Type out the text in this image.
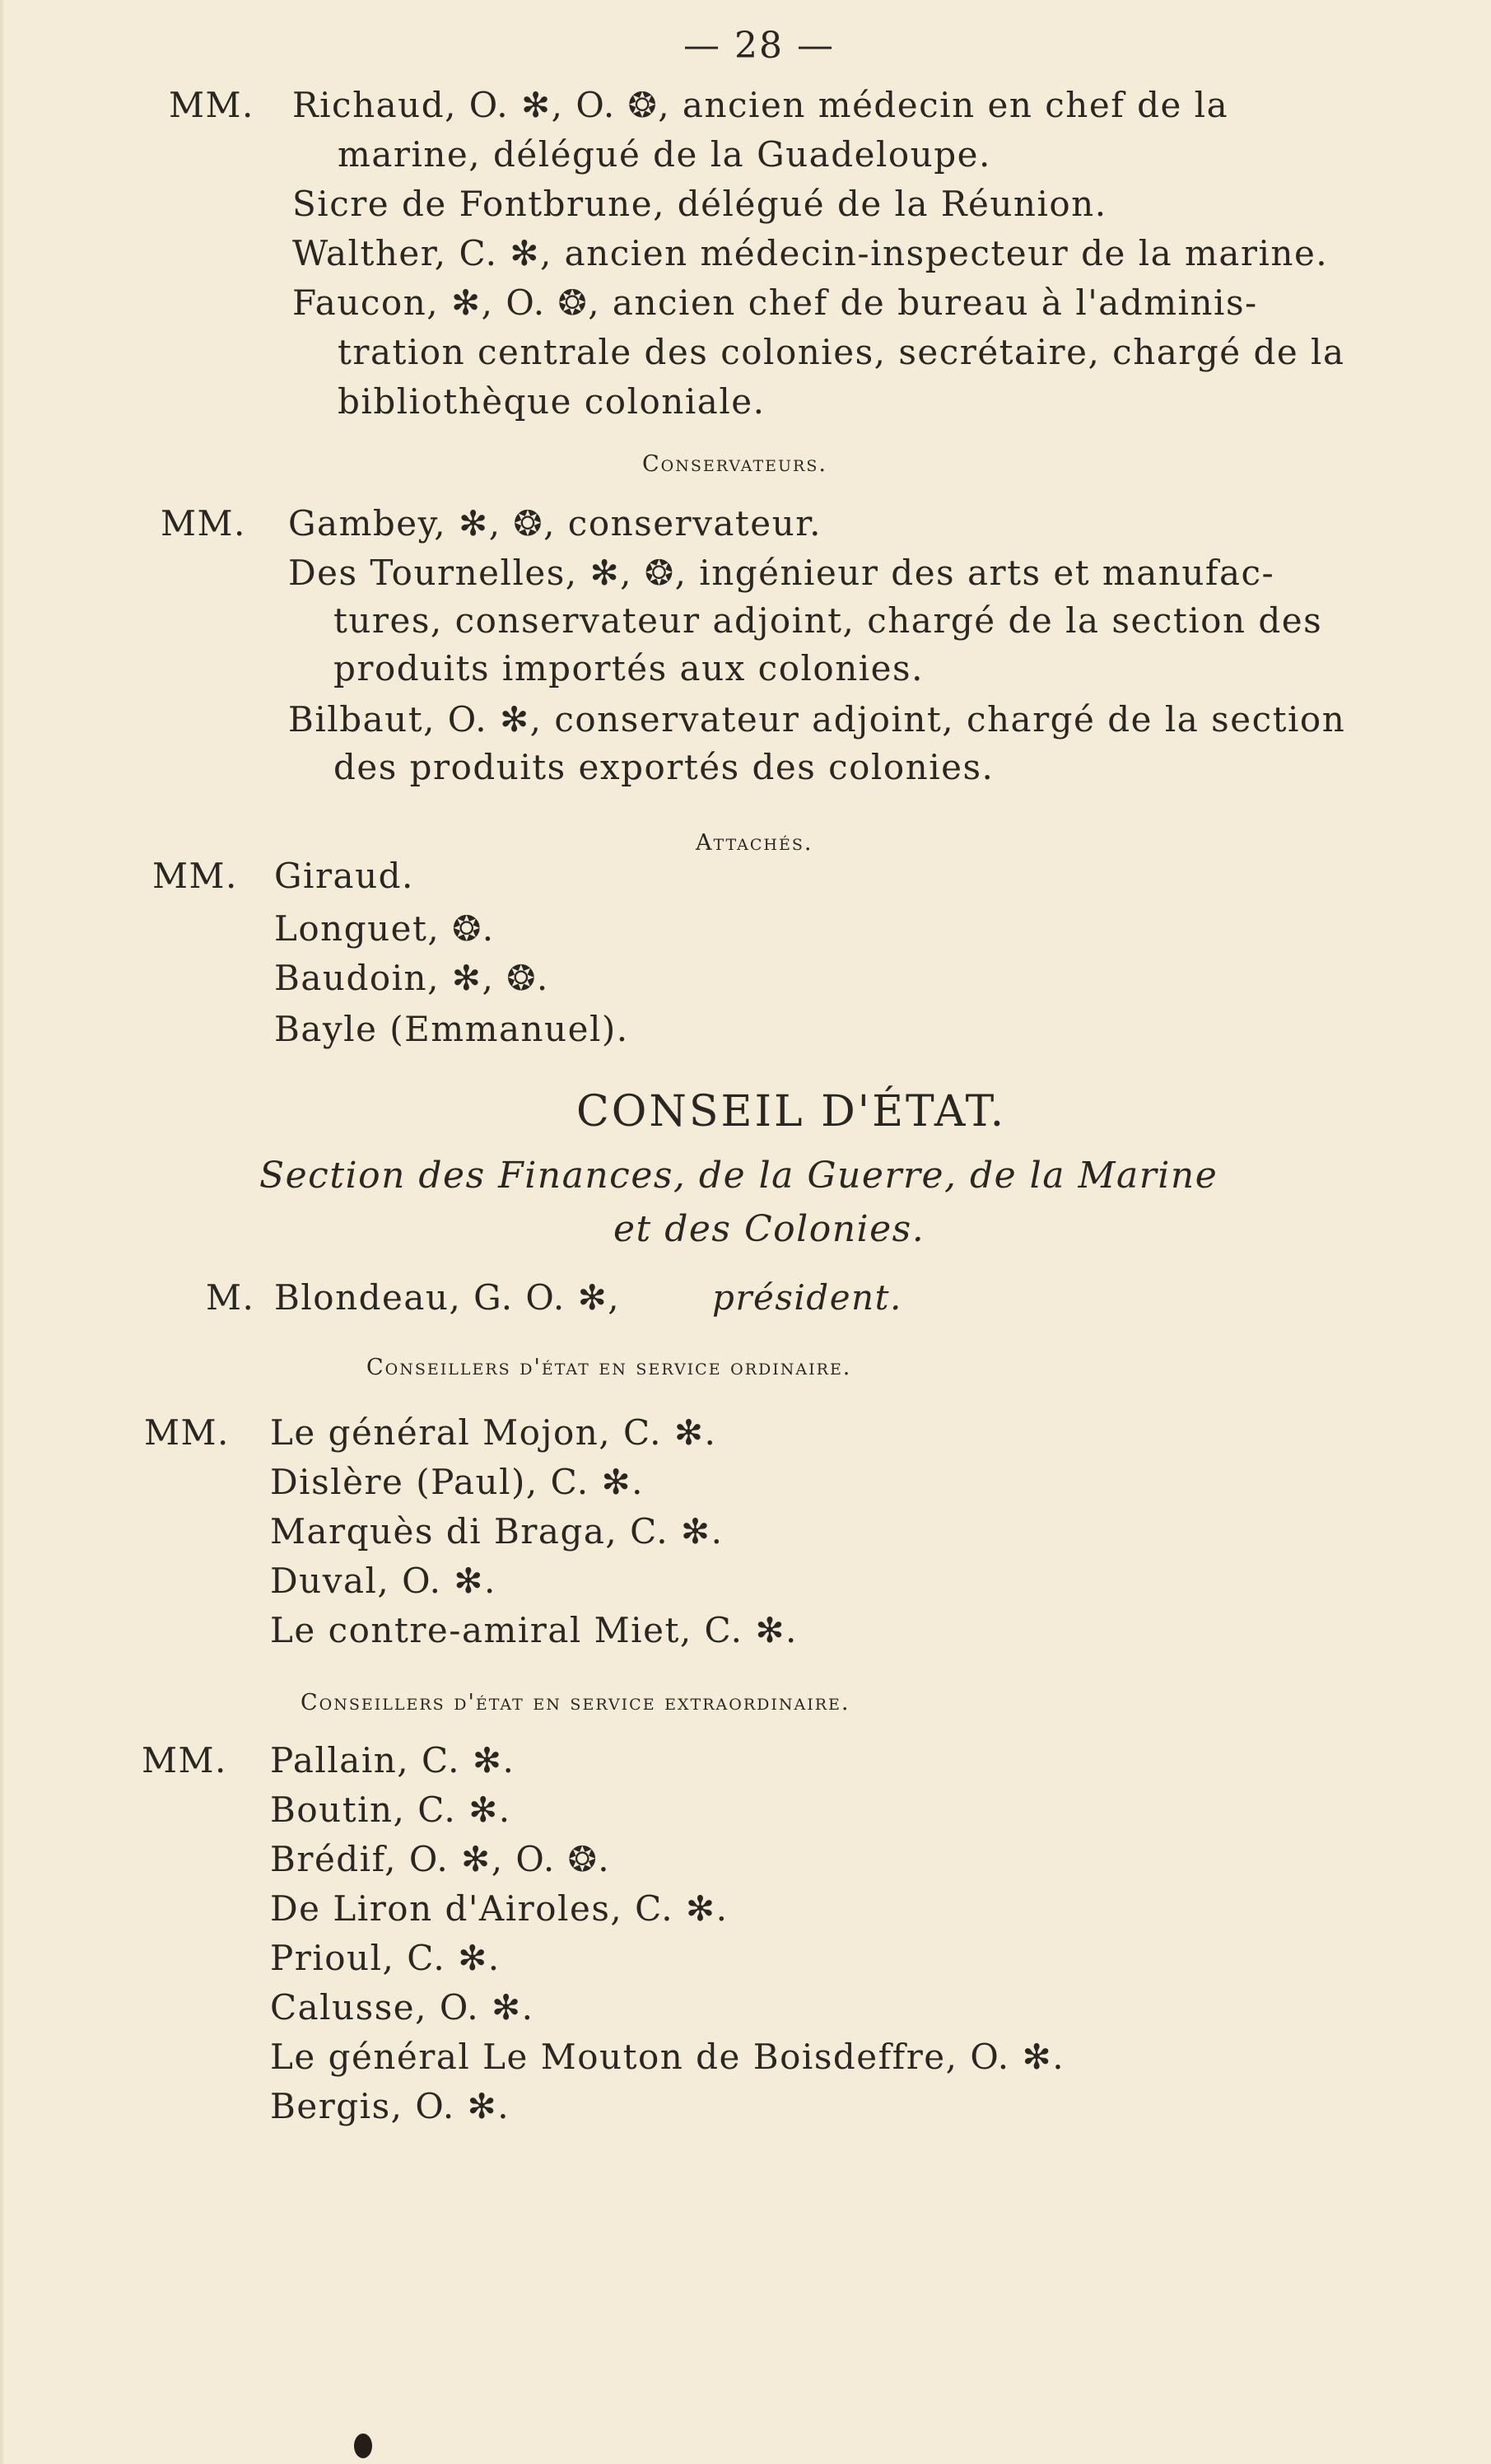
— 28 —
MM. Richaud, O. ✻, O. ❂, ancien médecin en chef de la
marine, délégué de la Guadeloupe.
Sicre de Fontbrune, délégué de la Réunion.
Walther, C. ✻, ancien médecin-inspecteur de la marine.
Faucon, ✻, O. ❂, ancien chef de bureau à l'adminis-
tration centrale des colonies, secrétaire, chargé de la
bibliothèque coloniale.
Conservateurs.
MM. Gambey, ✻, ❂, conservateur.
Des Tournelles, ✻, ❂, ingénieur des arts et manufac-
tures, conservateur adjoint, chargé de la section des
produits importés aux colonies.
Bilbaut, O. ✻, conservateur adjoint, chargé de la section
des produits exportés des colonies.
Attachés.
MM. Giraud.
Longuet, ❂.
Baudoin, ✻, ❂.
Bayle (Emmanuel).
CONSEIL D'ÉTAT.
Section des Finances, de la Guerre, de la Marine
et des Colonies.
M. Blondeau, G. O. ✻,	président.
Conseillers d'état en service ordinaire.
MM. Le général Mojon, C. ✻.
Dislère (Paul), C. ✻.
Marquès di Braga, C. ✻.
Duval, O. ✻.
Le contre-amiral Miet, C. ✻.
Conseillers d'état en service extraordinaire.
MM. Pallain, C. ✻.
Boutin, C. ✻.
Brédif, O. ✻, O. ❂.
De Liron d'Airoles, C. ✻.
Prioul, C. ✻.
Calusse, O. ✻.
Le général Le Mouton de Boisdeffre, O. ✻.
Bergis, O. ✻.
